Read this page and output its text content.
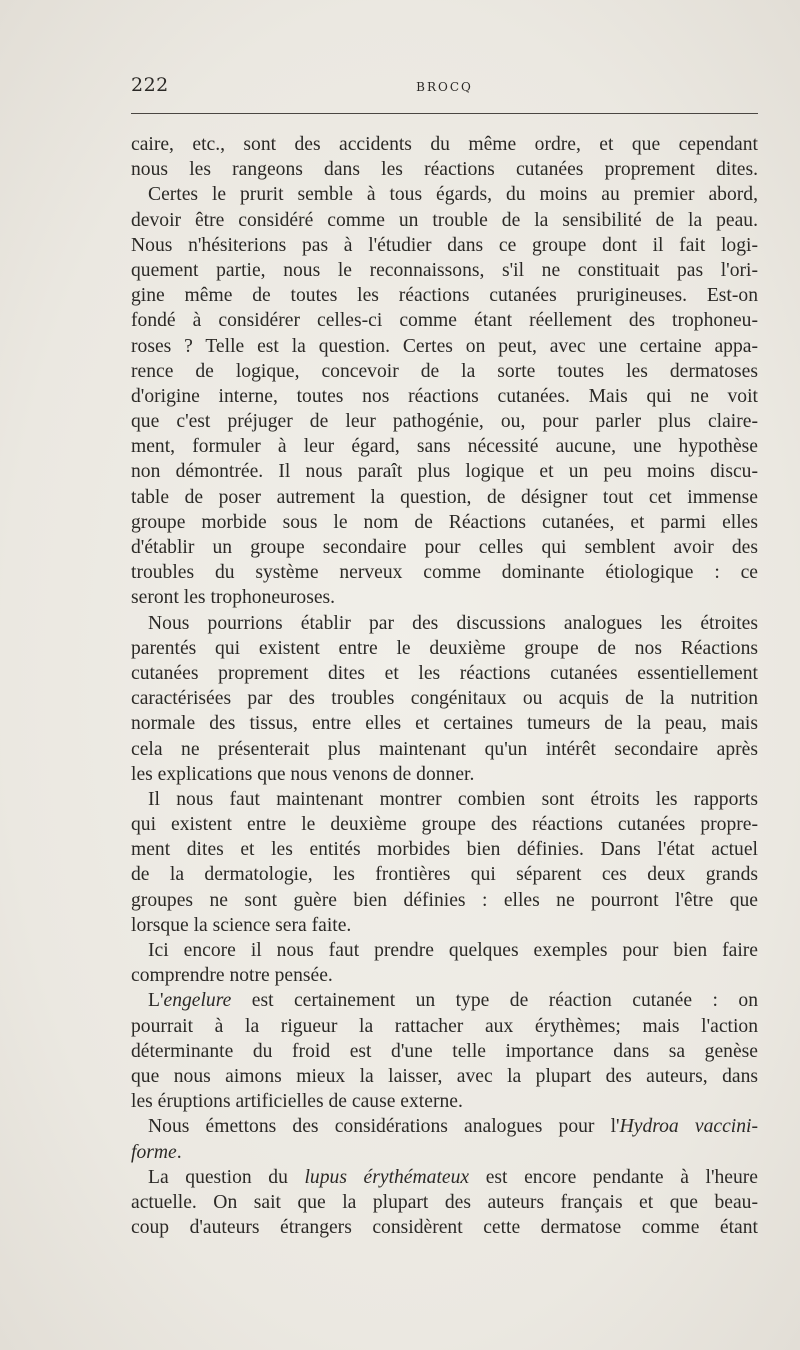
222	BROCQ
caire, etc., sont des accidents du même ordre, et que cependant
nous les rangeons dans les réactions cutanées proprement dites.
Certes le prurit semble à tous égards, du moins au premier abord,
devoir être considéré comme un trouble de la sensibilité de la peau.
Nous n'hésiterions pas à l'étudier dans ce groupe dont il fait logi-
quement partie, nous le reconnaissons, s'il ne constituait pas l'ori-
gine même de toutes les réactions cutanées prurigineuses. Est-on
fondé à considérer celles-ci comme étant réellement des trophoneu-
roses ? Telle est la question. Certes on peut, avec une certaine appa-
rence de logique, concevoir de la sorte toutes les dermatoses
d'origine interne, toutes nos réactions cutanées. Mais qui ne voit
que c'est préjuger de leur pathogénie, ou, pour parler plus claire-
ment, formuler à leur égard, sans nécessité aucune, une hypothèse
non démontrée. Il nous paraît plus logique et un peu moins discu-
table de poser autrement la question, de désigner tout cet immense
groupe morbide sous le nom de Réactions cutanées, et parmi elles
d'établir un groupe secondaire pour celles qui semblent avoir des
troubles du système nerveux comme dominante étiologique : ce
seront les trophoneuroses.
Nous pourrions établir par des discussions analogues les étroites
parentés qui existent entre le deuxième groupe de nos Réactions
cutanées proprement dites et les réactions cutanées essentiellement
caractérisées par des troubles congénitaux ou acquis de la nutrition
normale des tissus, entre elles et certaines tumeurs de la peau, mais
cela ne présenterait plus maintenant qu'un intérêt secondaire après
les explications que nous venons de donner.
Il nous faut maintenant montrer combien sont étroits les rapports
qui existent entre le deuxième groupe des réactions cutanées propre-
ment dites et les entités morbides bien définies. Dans l'état actuel
de la dermatologie, les frontières qui séparent ces deux grands
groupes ne sont guère bien définies : elles ne pourront l'être que
lorsque la science sera faite.
Ici encore il nous faut prendre quelques exemples pour bien faire
comprendre notre pensée.
L'engelure est certainement un type de réaction cutanée : on
pourrait à la rigueur la rattacher aux érythèmes; mais l'action
déterminante du froid est d'une telle importance dans sa genèse
que nous aimons mieux la laisser, avec la plupart des auteurs, dans
les éruptions artificielles de cause externe.
Nous émettons des considérations analogues pour l'Hydroa vaccini-
forme.
La question du lupus érythémateux est encore pendante à l'heure
actuelle. On sait que la plupart des auteurs français et que beau-
coup d'auteurs étrangers considèrent cette dermatose comme étant
